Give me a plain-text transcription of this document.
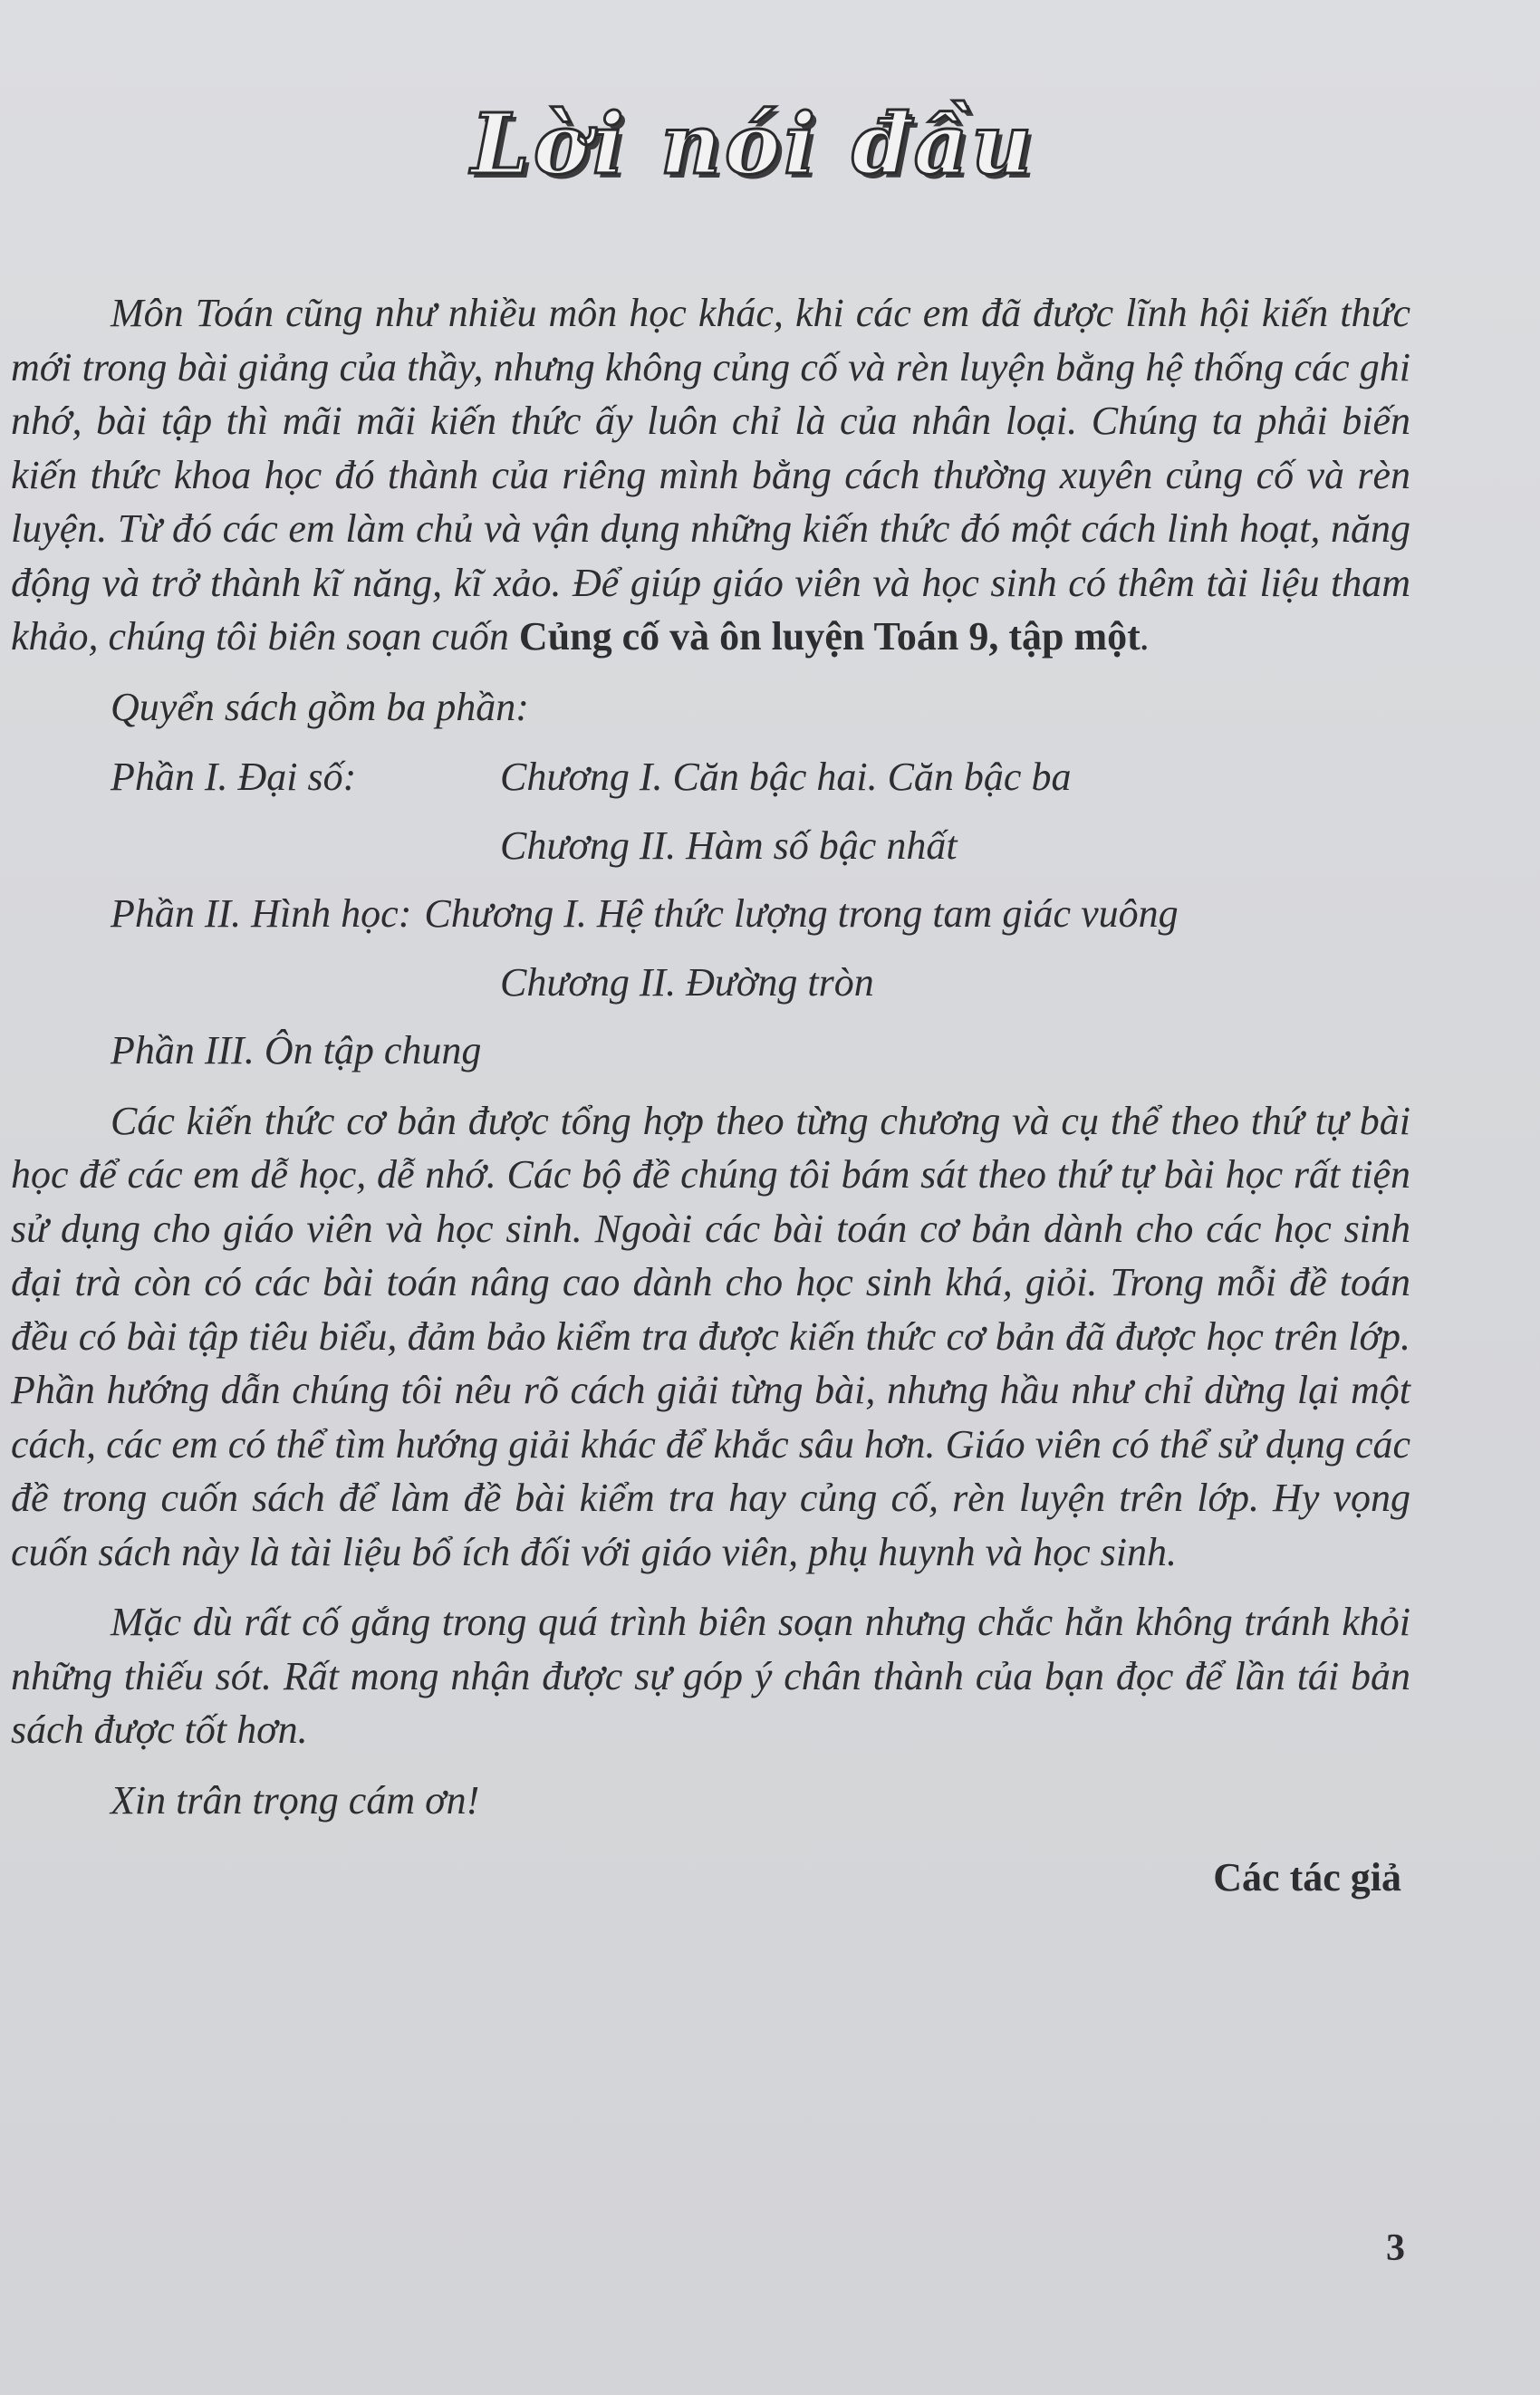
Lời nói đầu

Môn Toán cũng như nhiều môn học khác, khi các em đã được lĩnh hội kiến thức mới trong bài giảng của thầy, nhưng không củng cố và rèn luyện bằng hệ thống các ghi nhớ, bài tập thì mãi mãi kiến thức ấy luôn chỉ là của nhân loại. Chúng ta phải biến kiến thức khoa học đó thành của riêng mình bằng cách thường xuyên củng cố và rèn luyện. Từ đó các em làm chủ và vận dụng những kiến thức đó một cách linh hoạt, năng động và trở thành kĩ năng, kĩ xảo. Để giúp giáo viên và học sinh có thêm tài liệu tham khảo, chúng tôi biên soạn cuốn Củng cố và ôn luyện Toán 9, tập một.

Quyển sách gồm ba phần:

Phần I. Đại số:	Chương I. Căn bậc hai. Căn bậc ba
Chương II. Hàm số bậc nhất
Phần II. Hình học: Chương I. Hệ thức lượng trong tam giác vuông
Chương II. Đường tròn
Phần III. Ôn tập chung

Các kiến thức cơ bản được tổng hợp theo từng chương và cụ thể theo thứ tự bài học để các em dễ học, dễ nhớ. Các bộ đề chúng tôi bám sát theo thứ tự bài học rất tiện sử dụng cho giáo viên và học sinh. Ngoài các bài toán cơ bản dành cho các học sinh đại trà còn có các bài toán nâng cao dành cho học sinh khá, giỏi. Trong mỗi đề toán đều có bài tập tiêu biểu, đảm bảo kiểm tra được kiến thức cơ bản đã được học trên lớp. Phần hướng dẫn chúng tôi nêu rõ cách giải từng bài, nhưng hầu như chỉ dừng lại một cách, các em có thể tìm hướng giải khác để khắc sâu hơn. Giáo viên có thể sử dụng các đề trong cuốn sách để làm đề bài kiểm tra hay củng cố, rèn luyện trên lớp. Hy vọng cuốn sách này là tài liệu bổ ích đối với giáo viên, phụ huynh và học sinh.

Mặc dù rất cố gắng trong quá trình biên soạn nhưng chắc hẳn không tránh khỏi những thiếu sót. Rất mong nhận được sự góp ý chân thành của bạn đọc để lần tái bản sách được tốt hơn.

Xin trân trọng cám ơn!

Các tác giả

3
